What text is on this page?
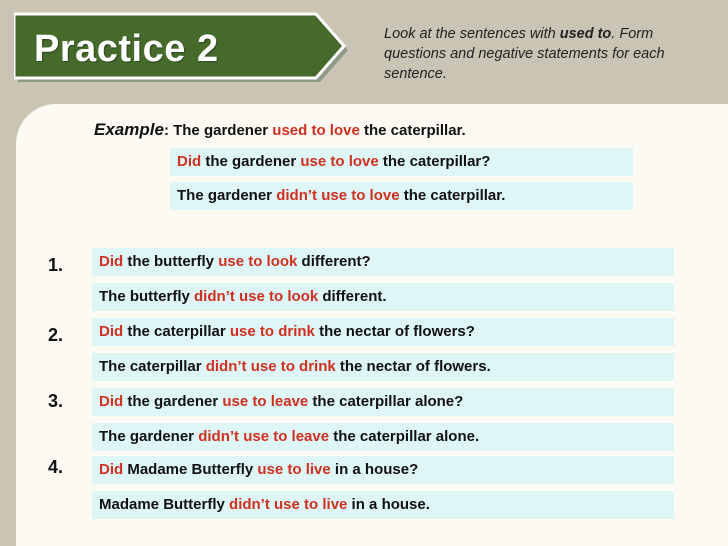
Practice 2	Look at the sentences with used to. Form questions and negative statements for each sentence.
Example: The gardener used to love the caterpillar.
Did the gardener use to love the caterpillar?
The gardener didn’t use to love the caterpillar.
1.	Did the butterfly use to look different?
The butterfly didn’t use to look different.
2.	Did the caterpillar use to drink the nectar of flowers?
The caterpillar didn’t use to drink the nectar of flowers.
3.	Did the gardener use to leave the caterpillar alone?
The gardener didn’t use to leave the caterpillar alone.
4.	Did Madame Butterfly use to live in a house?
Madame Butterfly didn’t use to live in a house.
